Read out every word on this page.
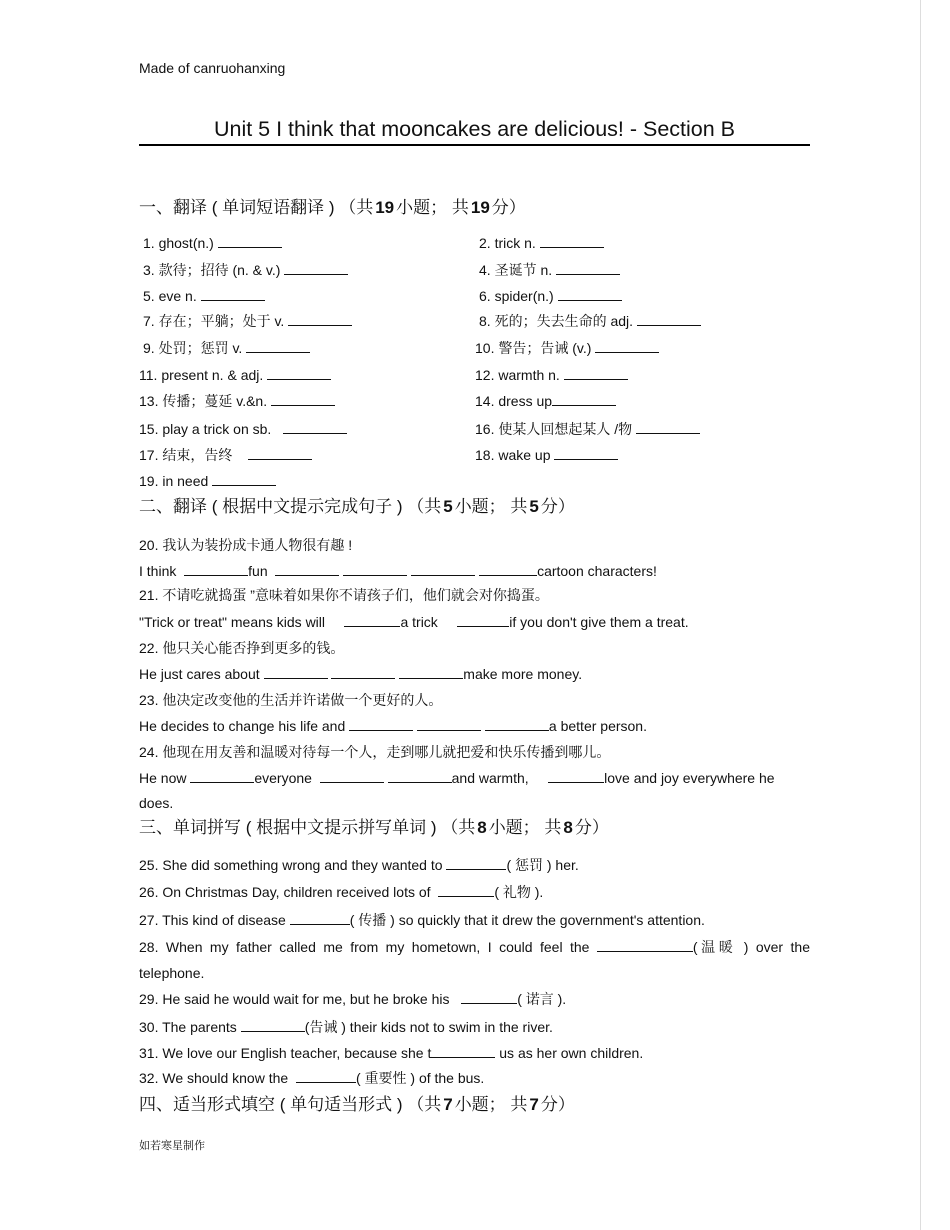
Made of canruohanxing
Unit 5 I think that mooncakes are delicious! - Section B
一、翻译 ( 单词短语翻译 ) （共 19 小题； 共 19 分）
1. ghost(n.)	2. trick n.
3. 款待；招待 (n. & v.)	4. 圣诞节 n.
5. eve n.	6. spider(n.)
7. 存在；平躺；处于 v.	8. 死的；失去生命的 adj.
9. 处罚；惩罚 v.	10. 警告；告诫 (v.)
11. present n. & adj.	12. warmth n.
13. 传播；蔓延 v.&n.	14. dress up
15. play a trick on sb.	16. 使某人回想起某人 /物
17. 结束，告终	18. wake up
19. in need
二、翻译 ( 根据中文提示完成句子 ) （共 5 小题； 共 5 分）
20. 我认为装扮成卡通人物很有趣 !
I think	fun	cartoon characters!
21. 不请吃就捣蛋 ”意味着如果你不请孩子们，他们就会对你捣蛋。
"Trick or treat" means kids will	a trick	if you don't give them a treat.
22. 他只关心能否挣到更多的钱。
He just cares about	make more money.
23. 他决定改变他的生活并许诺做一个更好的人。
He decides to change his life and	a better person.
24. 他现在用友善和温暖对待每一个人，走到哪儿就把爱和快乐传播到哪儿。
He now	everyone	and warmth,	love and joy everywhere he
does.
三、单词拼写 ( 根据中文提示拼写单词 ) （共 8 小题； 共 8 分）
25. She did something wrong and they wanted to	( 惩罚 ) her.
26. On Christmas Day, children received lots of	( 礼物 ).
27. This kind of disease	( 传播 ) so quickly that it drew the government's attention.
28. When my father called me from my hometown, I could feel the	(温暖 ) over the
telephone.
29. He said he would wait for me, but he broke his	( 诺言 ).
30. The parents	(告诫 ) their kids not to swim in the river.
31. We love our English teacher, because she t	us as her own children.
32. We should know the	( 重要性 ) of the bus.
四、适当形式填空 ( 单句适当形式 ) （共 7 小题； 共 7 分）
如若寒星制作
